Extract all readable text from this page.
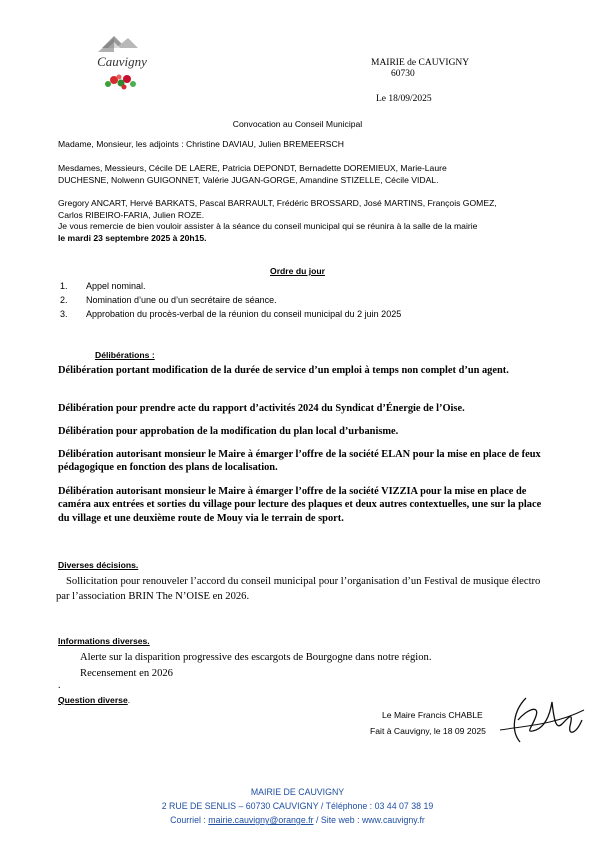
Cauvigny	MAIRIE de CAUVIGNY
60730
Le 18/09/2025
Convocation au Conseil Municipal
Madame, Monsieur, les adjoints : Christine DAVIAU, Julien BREMEERSCH
Mesdames, Messieurs, Cécile DE LAERE, Patricia DEPONDT, Bernadette DOREMIEUX, Marie-Laure
DUCHESNE, Nolwenn GUIGONNET, Valérie JUGAN-GORGE, Amandine STIZELLE, Cécile VIDAL.
Gregory ANCART, Hervé BARKATS, Pascal BARRAULT, Frédéric BROSSARD, José MARTINS, François GOMEZ,
Carlos RIBEIRO-FARIA, Julien ROZE.
Je vous remercie de bien vouloir assister à la séance du conseil municipal qui se réunira à la salle de la mairie
le mardi 23 septembre 2025 à 20h15.
Ordre du jour
1. Appel nominal.
2. Nomination d’une ou d’un secrétaire de séance.
3. Approbation du procès-verbal de la réunion du conseil municipal du 2 juin 2025
Délibérations :
Délibération portant modification de la durée de service d’un emploi à temps non complet d’un agent.
Délibération pour prendre acte du rapport d’activités 2024 du Syndicat d’Énergie de l’Oise.
Délibération pour approbation de la modification du plan local d’urbanisme.
Délibération autorisant monsieur le Maire à émarger l’offre de la société ELAN pour la mise en place de feux pédagogique en fonction des plans de localisation.
Délibération autorisant monsieur le Maire à émarger l’offre de la société VIZZIA pour la mise en place de caméra aux entrées et sorties du village pour lecture des plaques et deux autres contextuelles, une sur la place du village et une deuxième route de Mouy via le terrain de sport.
Diverses décisions.
Sollicitation pour renouveler l’accord du conseil municipal pour l’organisation d’un Festival de musique électro par l’association BRIN The N’OISE en 2026.
Informations diverses.
Alerte sur la disparition progressive des escargots de Bourgogne dans notre région.
Recensement en 2026
.
Question diverse.
Le Maire Francis CHABLE
Fait à Cauvigny, le 18 09 2025
MAIRIE DE CAUVIGNY
2 RUE DE SENLIS – 60730 CAUVIGNY / Téléphone : 03 44 07 38 19
Courriel : mairie.cauvigny@orange.fr / Site web : www.cauvigny.fr
